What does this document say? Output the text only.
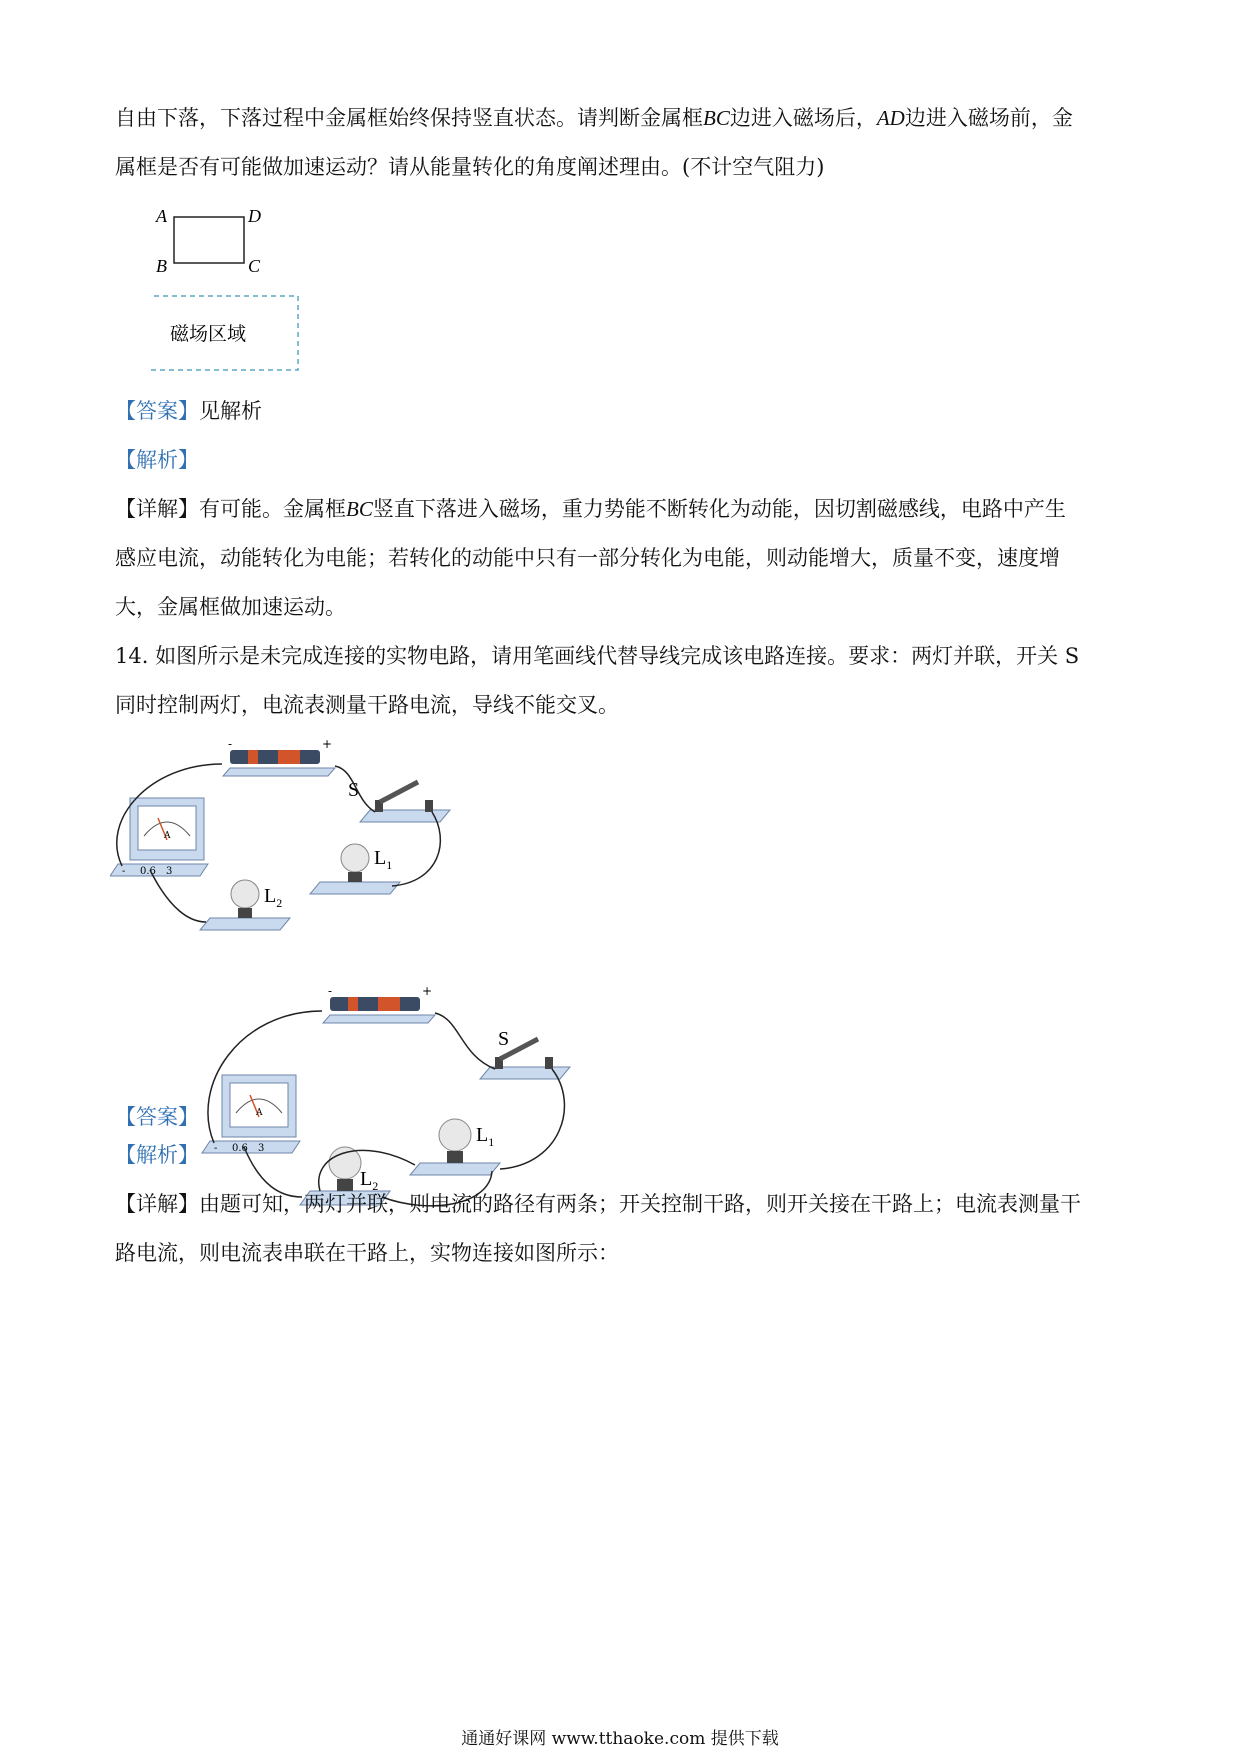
自由下落，下落过程中金属框始终保持竖直状态。请判断金属框BC边进入磁场后，AD边进入磁场前，金
属框是否有可能做加速运动？请从能量转化的角度阐述理由。(不计空气阻力)
A	D
B	C
磁场区域
【答案】见解析
【解析】
【详解】有可能。金属框BC竖直下落进入磁场，重力势能不断转化为动能，因切割磁感线，电路中产生
感应电流，动能转化为电能；若转化的动能中只有一部分转化为电能，则动能增大，质量不变，速度增
大，金属框做加速运动。
14. 如图所示是未完成连接的实物电路，请用笔画线代替导线完成该电路连接。要求：两灯并联，开关 S
同时控制两灯，电流表测量干路电流，导线不能交叉。
-	+
S
A
- 0.6 3
$L_1$
$L_2$
【答案】
-	+
S
A
- 0.6 3
$L_1$
$L_2$
【解析】
【详解】由题可知，两灯并联，则电流的路径有两条；开关控制干路，则开关接在干路上；电流表测量干
路电流，则电流表串联在干路上，实物连接如图所示：
通通好课网 www.tthaoke.com 提供下载
